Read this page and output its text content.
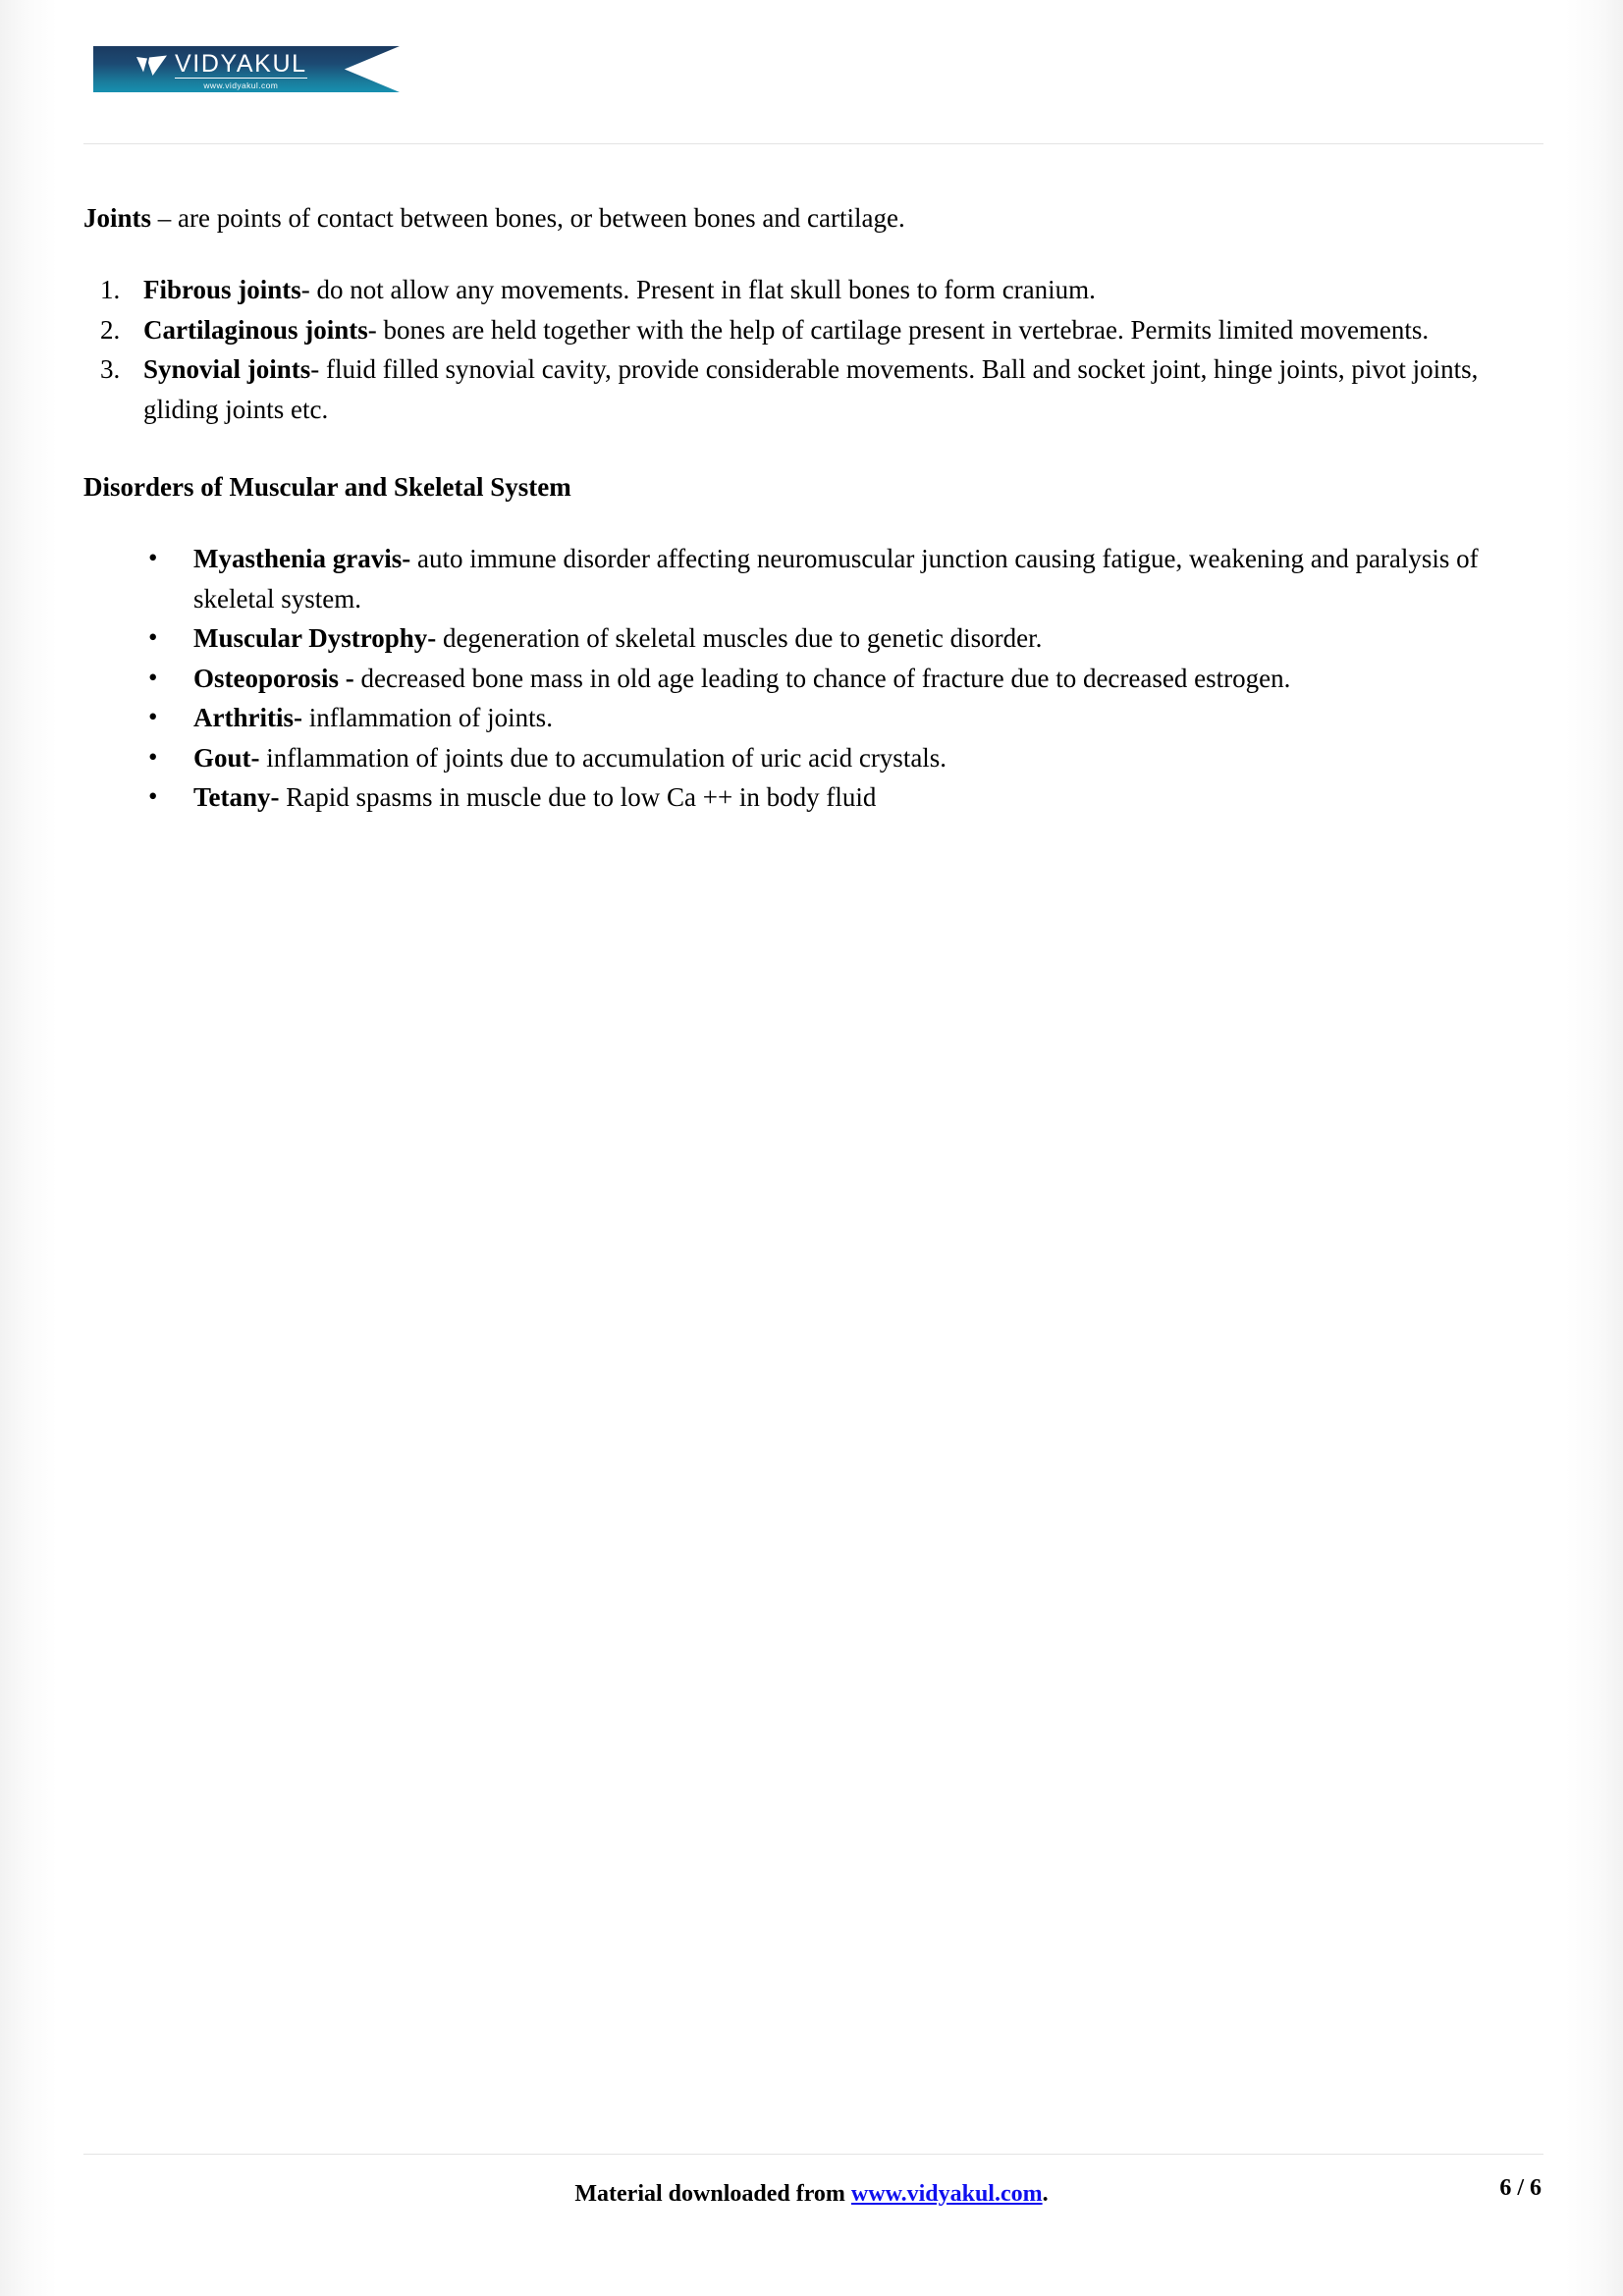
VIDYAKUL
www.vidyakul.com

Joints – are points of contact between bones, or between bones and cartilage.

Fibrous joints- do not allow any movements. Present in flat skull bones to form cranium.
Cartilaginous joints- bones are held together with the help of cartilage present in vertebrae. Permits limited movements.
Synovial joints- fluid filled synovial cavity, provide considerable movements. Ball and socket joint, hinge joints, pivot joints, gliding joints etc.

Disorders of Muscular and Skeletal System

• Myasthenia gravis- auto immune disorder affecting neuromuscular junction causing fatigue, weakening and paralysis of skeletal system.
• Muscular Dystrophy- degeneration of skeletal muscles due to genetic disorder.
• Osteoporosis - decreased bone mass in old age leading to chance of fracture due to decreased estrogen.
• Arthritis- inflammation of joints.
• Gout- inflammation of joints due to accumulation of uric acid crystals.
• Tetany- Rapid spasms in muscle due to low Ca ++ in body fluid
Material downloaded from www.vidyakul.com.	6 / 6
